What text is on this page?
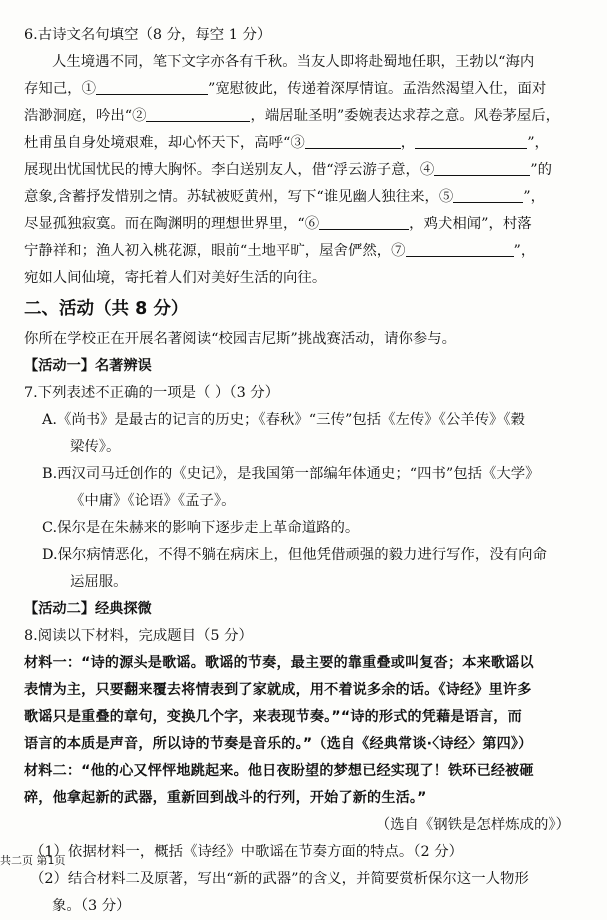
6.古诗文名句填空（8 分，每空 1 分）
人生境遇不同，笔下文字亦各有千秋。当友人即将赴蜀地任职，王勃以“海内
存知己，①	”宽慰彼此，传递着深厚情谊。孟浩然渴望入仕，面对
浩渺洞庭，吟出“②	，端居耻圣明”委婉表达求荐之意。风卷茅屋后，
杜甫虽自身处境艰难，却心怀天下，高呼“③	，	”，
展现出忧国忧民的博大胸怀。李白送别友人，借“浮云游子意，④	”的
意象,含蓄抒发惜别之情。苏轼被贬黄州，写下“谁见幽人独往来，⑤	”，
尽显孤独寂寞。而在陶渊明的理想世界里，“⑥	，鸡犬相闻”，村落
宁静祥和；渔人初入桃花源，眼前“土地平旷，屋舍俨然，⑦	”，
宛如人间仙境，寄托着人们对美好生活的向往。
二、活动（共 8 分）
你所在学校正在开展名著阅读“校园吉尼斯”挑战赛活动，请你参与。
【活动一】名著辨误
7.下列表述不正确的一项是（ ）（3 分）
A.《尚书》是最古的记言的历史；《春秋》“三传”包括《左传》《公羊传》《穀
梁传》。
B.西汉司马迁创作的《史记》，是我国第一部编年体通史；“四书”包括《大学》
《中庸》《论语》《孟子》。
C.保尔是在朱赫来的影响下逐步走上革命道路的。
D.保尔病情恶化，不得不躺在病床上，但他凭借顽强的毅力进行写作，没有向命
运屈服。
【活动二】经典探微
8.阅读以下材料，完成题目（5 分）
材料一：“诗的源头是歌谣。歌谣的节奏，最主要的靠重叠或叫复沓；本来歌谣以
表情为主，只要翻来覆去将情表到了家就成，用不着说多余的话。《诗经》里许多
歌谣只是重叠的章句，变换几个字，来表现节奏。”“诗的形式的凭藉是语言，而
语言的本质是声音，所以诗的节奏是音乐的。”（选自《经典常谈·〈诗经〉第四》）
材料二：“他的心又怦怦地跳起来。他日夜盼望的梦想已经实现了！铁环已经被砸
碎，他拿起新的武器，重新回到战斗的行列，开始了新的生活。”
（选自《钢铁是怎样炼成的》）
（1）依据材料一，概括《诗经》中歌谣在节奏方面的特点。（2 分）
（2）结合材料二及原著，写出“新的武器”的含义，并简要赏析保尔这一人物形
象。（3 分）
共二页 第1页
